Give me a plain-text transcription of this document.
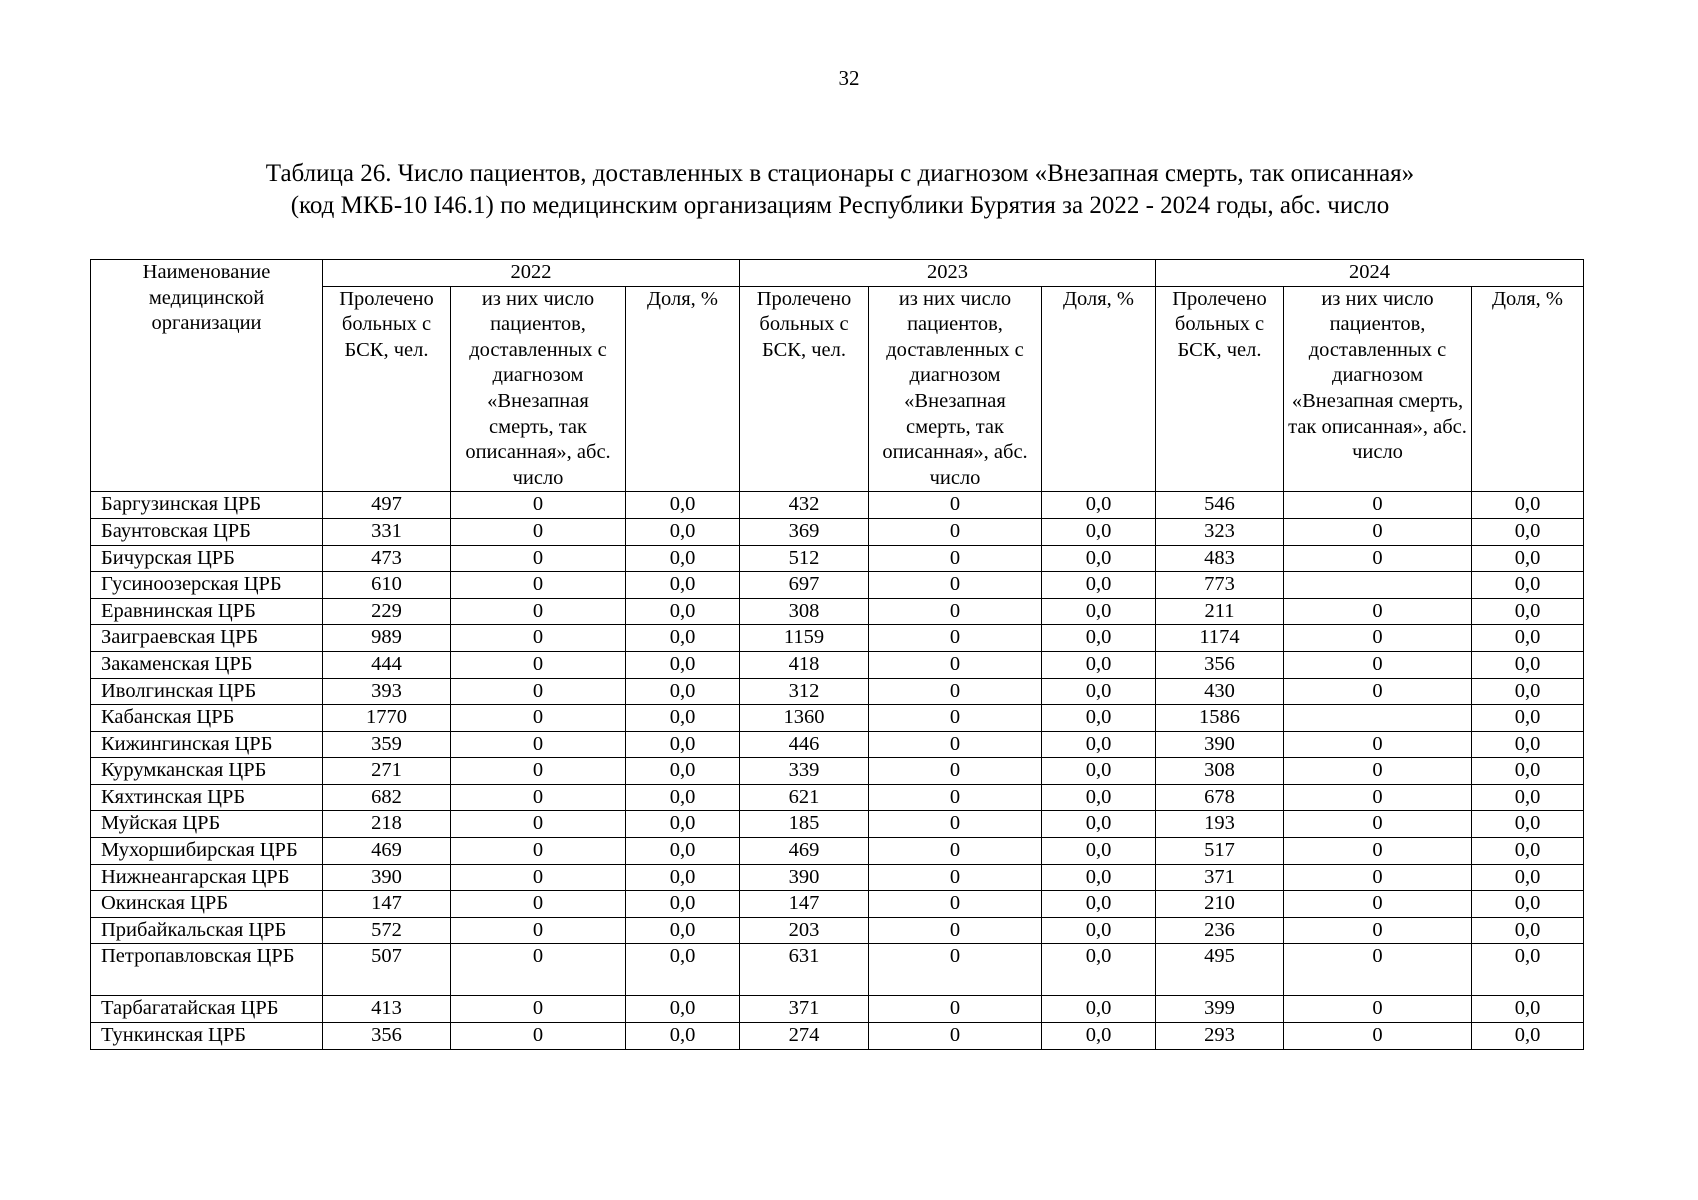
32
Таблица 26. Число пациентов, доставленных в стационары с диагнозом «Внезапная смерть, так описанная»
(код МКБ-10 I46.1) по медицинским организациям Республики Бурятия за 2022 - 2024 годы, абс. число
Наименование медицинской организации	2022			2023			2024		
	Пролечено больных с БСК, чел.	из них число пациентов, доставленных с диагнозом «Внезапная смерть, так описанная», абс. число	Доля, %	Пролечено больных с БСК, чел.	из них число пациентов, доставленных с диагнозом «Внезапная смерть, так описанная», абс. число	Доля, %	Пролечено больных с БСК, чел.	из них число пациентов, доставленных с диагнозом «Внезапная смерть, так описанная», абс. число	Доля, %
Баргузинская ЦРБ	497	0	0,0	432	0	0,0	546	0	0,0
Баунтовская ЦРБ	331	0	0,0	369	0	0,0	323	0	0,0
Бичурская ЦРБ	473	0	0,0	512	0	0,0	483	0	0,0
Гусиноозерская ЦРБ	610	0	0,0	697	0	0,0	773		0,0
Еравнинская ЦРБ	229	0	0,0	308	0	0,0	211	0	0,0
Заиграевская ЦРБ	989	0	0,0	1159	0	0,0	1174	0	0,0
Закаменская ЦРБ	444	0	0,0	418	0	0,0	356	0	0,0
Иволгинская ЦРБ	393	0	0,0	312	0	0,0	430	0	0,0
Кабанская ЦРБ	1770	0	0,0	1360	0	0,0	1586		0,0
Кижингинская ЦРБ	359	0	0,0	446	0	0,0	390	0	0,0
Курумканская ЦРБ	271	0	0,0	339	0	0,0	308	0	0,0
Кяхтинская ЦРБ	682	0	0,0	621	0	0,0	678	0	0,0
Муйская ЦРБ	218	0	0,0	185	0	0,0	193	0	0,0
Мухоршибирская ЦРБ	469	0	0,0	469	0	0,0	517	0	0,0
Нижнеангарская ЦРБ	390	0	0,0	390	0	0,0	371	0	0,0
Окинская ЦРБ	147	0	0,0	147	0	0,0	210	0	0,0
Прибайкальская ЦРБ	572	0	0,0	203	0	0,0	236	0	0,0
Петропавловская ЦРБ	507	0	0,0	631	0	0,0	495	0	0,0
Тарбагатайская ЦРБ	413	0	0,0	371	0	0,0	399	0	0,0
Тункинская ЦРБ	356	0	0,0	274	0	0,0	293	0	0,0
